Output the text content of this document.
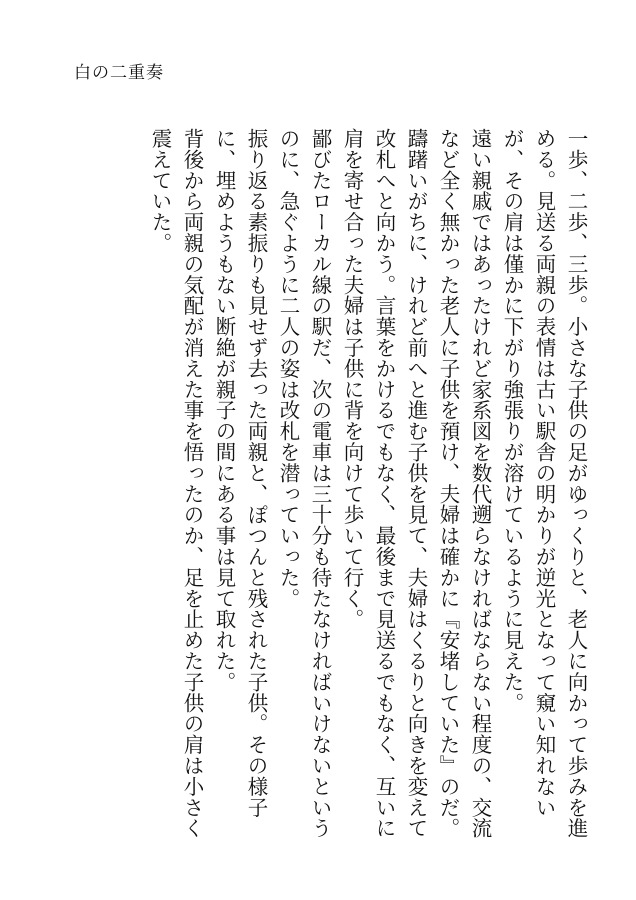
白の二重奏

一歩、二歩、三歩。小さな子供の足がゆっくりと、老人に向かって歩みを進める。見送る両親の表情は古い駅舎の明かりが逆光となって窺い知れないが、その肩は僅かに下がり強張りが溶けているように見えた。

遠い親戚ではあったけれど家系図を数代遡らなければならない程度の、交流など全く無かった老人に子供を預け、夫婦は確かに『安堵していた』のだ。

躊躇いがちに、けれど前へと進む子供を見て、夫婦はくるりと向きを変えて改札へと向かう。言葉をかけるでもなく、最後まで見送るでもなく、互いに肩を寄せ合った夫婦は子供に背を向けて歩いて行く。

鄙びたローカル線の駅だ、次の電車は三十分も待たなければいけないというのに、急ぐように二人の姿は改札を潜っていった。

振り返る素振りも見せず去った両親と、ぽつんと残された子供。その様子に、埋めようもない断絶が親子の間にある事は見て取れた。

背後から両親の気配が消えた事を悟ったのか、足を止めた子供の肩は小さく震えていた。
